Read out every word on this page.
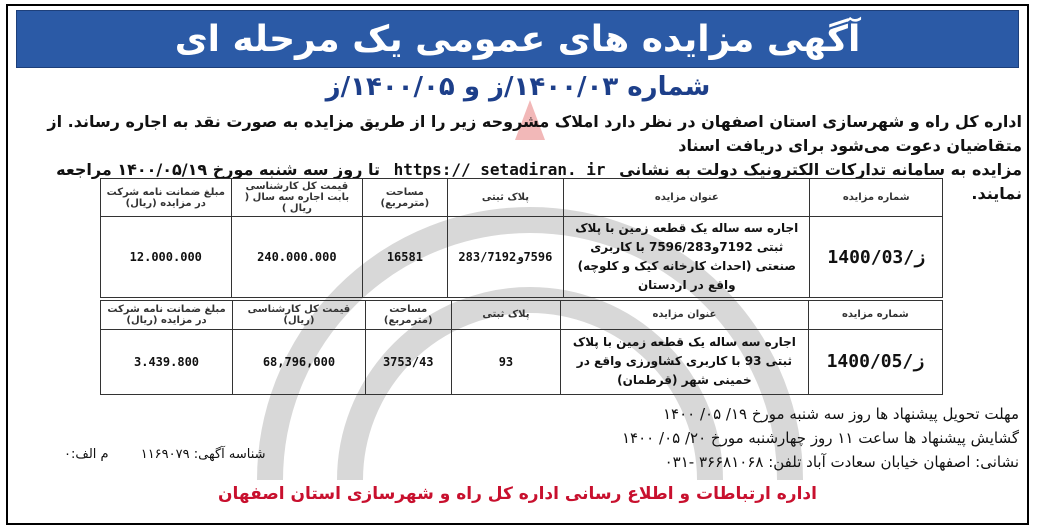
آگهی مزایده های عمومی یک مرحله ای
شماره ۱۴۰۰/۰۳/ز و ۱۴۰۰/۰۵/ز
اداره کل راه و شهرسازی استان اصفهان در نظر دارد املاک مشروحه زیر را از طریق مزایده به صورت نقد به اجاره رساند. از متقاضیان دعوت می‌شود برای دریافت اسناد
مزایده به سامانه تدارکات الکترونیک دولت به نشانی https:// setadiran. ir تا روز سه شنبه مورخ ۱۴۰۰/۰۵/۱۹ مراجعه نمایند.
شماره مزایده	عنوان مزایده	پلاک ثبتی	مساحت (مترمربع)	قیمت کل کارشناسی بابت اجاره سه سال ( ریال )	مبلغ ضمانت نامه شرکت در مزایده (ریال)
1400/03/ز	اجاره سه ساله یک قطعه زمین با پلاک ثبتی 7192و7596/283 با کاربری صنعتی (احداث کارخانه کیک و کلوچه) واقع در اردستان	7596و283/7192	16581	240.000.000	12.000.000
شماره مزایده	عنوان مزایده	پلاک ثبتی	مساحت (مترمربع)	قیمت کل کارشناسی (ریال)	مبلغ ضمانت نامه شرکت در مزایده (ریال)
1400/05/ز	اجاره سه ساله یک قطعه زمین با پلاک ثبتی 93 با کاربری کشاورزی واقع در خمینی شهر (قرطمان)	93	3753/43	68,796,000	3.439.800
مهلت تحویل پیشنهاد ها روز سه شنبه مورخ ۱۹/ ۰۵/ ۱۴۰۰
گشایش پیشنهاد ها ساعت ۱۱ روز چهارشنبه مورخ ۲۰/ ۰۵/ ۱۴۰۰
نشانی: اصفهان خیابان سعادت آباد تلفن: ۳۶۶۸۱۰۶۸ -۰۳۱
شناسه آگهی: ۱۱۶۹۰۷۹ م الف:۰
اداره ارتباطات و اطلاع رسانی اداره کل راه و شهرسازی استان اصفهان
